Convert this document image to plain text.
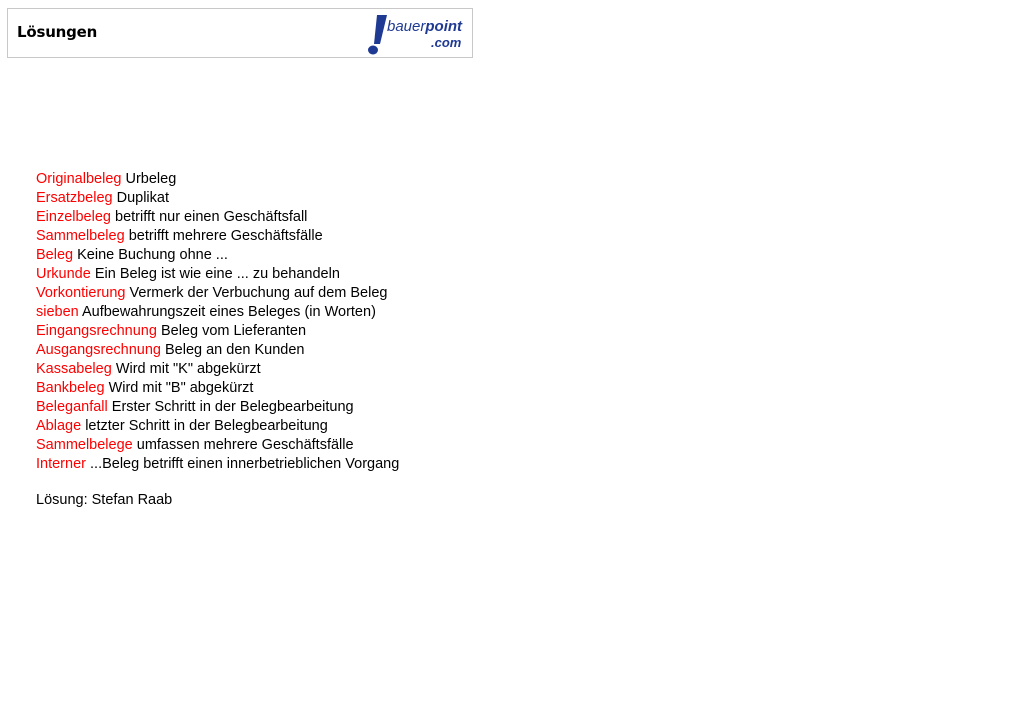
Lösungen	bauerpoint
.com
Originalbeleg Urbeleg
Ersatzbeleg Duplikat
Einzelbeleg betrifft nur einen Geschäftsfall
Sammelbeleg betrifft mehrere Geschäftsfälle
Beleg Keine Buchung ohne ...
Urkunde Ein Beleg ist wie eine ... zu behandeln
Vorkontierung Vermerk der Verbuchung auf dem Beleg
sieben Aufbewahrungszeit eines Beleges (in Worten)
Eingangsrechnung Beleg vom Lieferanten
Ausgangsrechnung Beleg an den Kunden
Kassabeleg Wird mit "K" abgekürzt
Bankbeleg Wird mit "B" abgekürzt
Beleganfall Erster Schritt in der Belegbearbeitung
Ablage letzter Schritt in der Belegbearbeitung
Sammelbelege umfassen mehrere Geschäftsfälle
Interner ...Beleg betrifft einen innerbetrieblichen Vorgang
Lösung: Stefan Raab
